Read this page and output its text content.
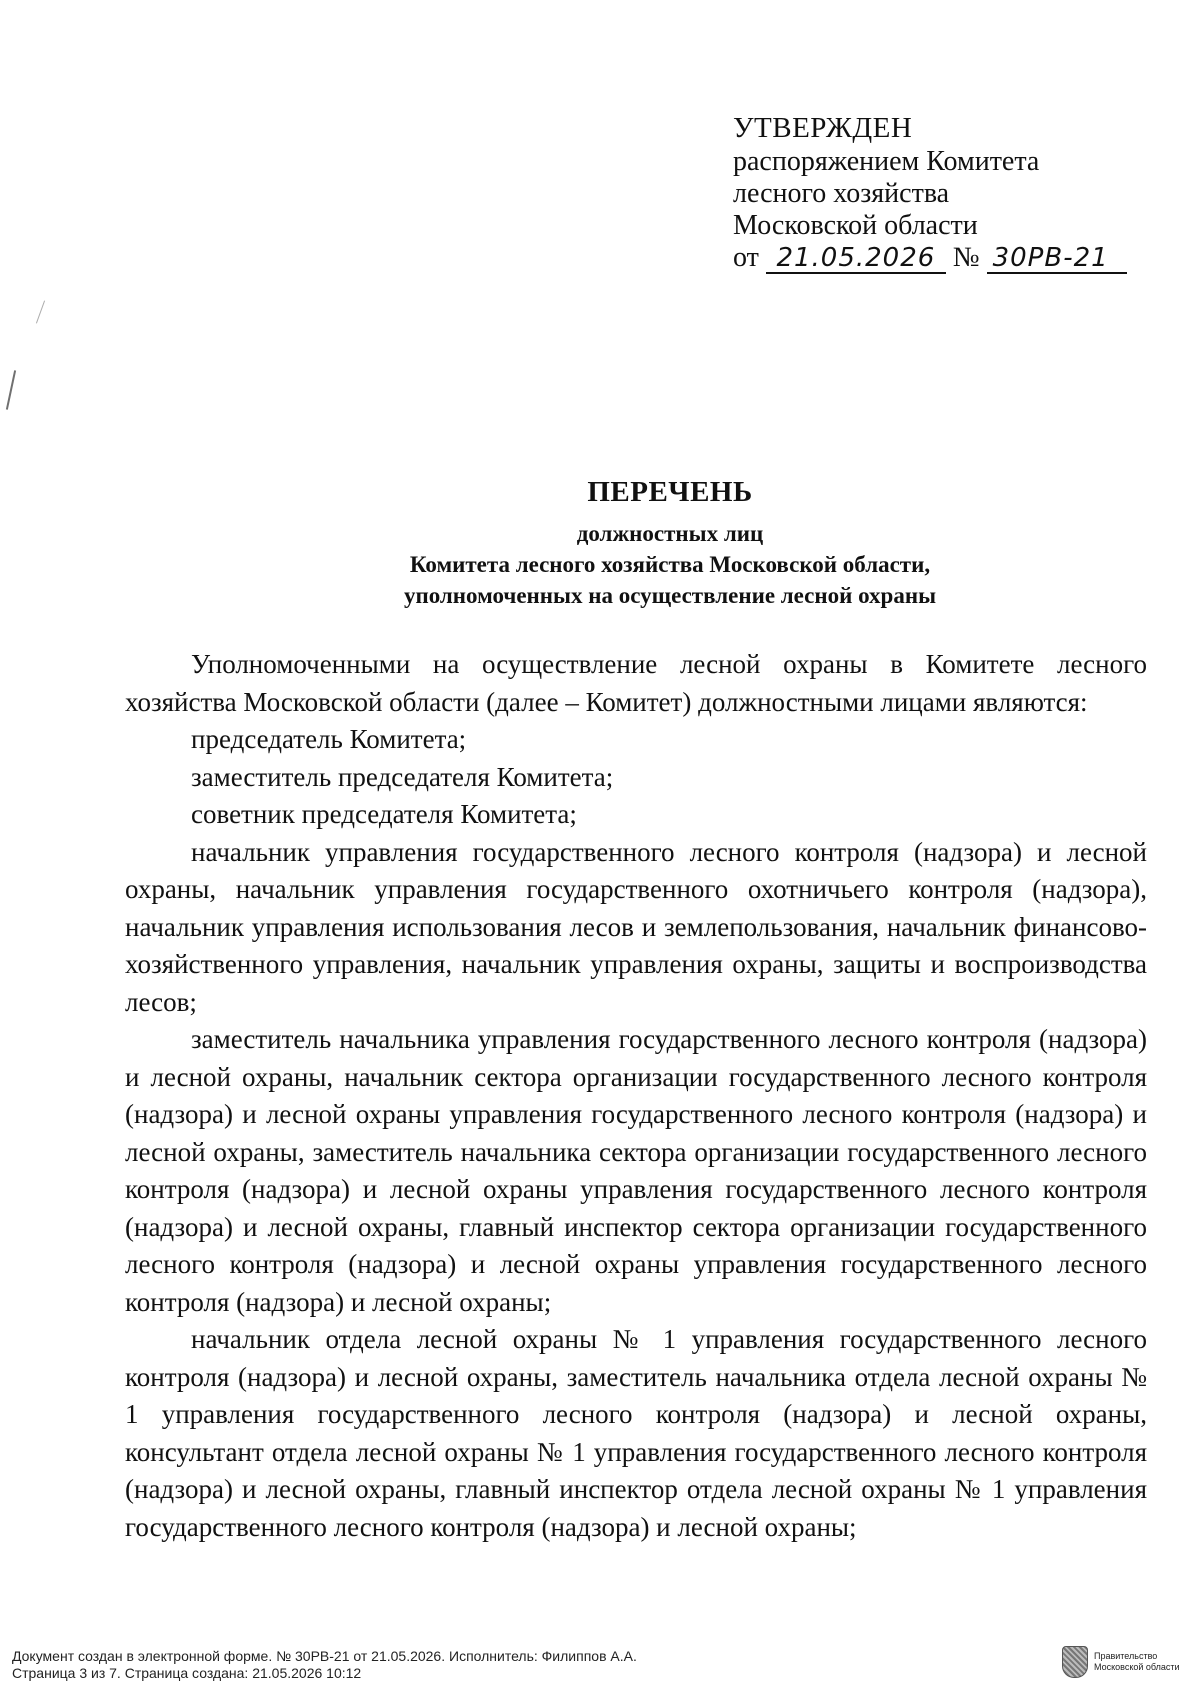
УТВЕРЖДЕН
распоряжением Комитета
лесного хозяйства
Московской области
от 21.05.2026 № 30РВ-21
ПЕРЕЧЕНЬ
должностных лиц
Комитета лесного хозяйства Московской области,
уполномоченных на осуществление лесной охраны

Уполномоченными на осуществление лесной охраны в Комитете лесного хозяйства Московской области (далее – Комитет) должностными лицами являются:

председатель Комитета;

заместитель председателя Комитета;

советник председателя Комитета;

начальник управления государственного лесного контроля (надзора) и лесной охраны, начальник управления государственного охотничьего контроля (надзора), начальник управления использования лесов и землепользования, начальник финансово-хозяйственного управления, начальник управления охраны, защиты и воспроизводства лесов;

заместитель начальника управления государственного лесного контроля (надзора) и лесной охраны, начальник сектора организации государственного лесного контроля (надзора) и лесной охраны управления государственного лесного контроля (надзора) и лесной охраны, заместитель начальника сектора организации государственного лесного контроля (надзора) и лесной охраны управления государственного лесного контроля (надзора) и лесной охраны, главный инспектор сектора организации государственного лесного контроля (надзора) и лесной охраны управления государственного лесного контроля (надзора) и лесной охраны;

начальник отдела лесной охраны № 1 управления государственного лесного контроля (надзора) и лесной охраны, заместитель начальника отдела лесной охраны № 1 управления государственного лесного контроля (надзора) и лесной охраны, консультант отдела лесной охраны № 1 управления государственного лесного контроля (надзора) и лесной охраны, главный инспектор отдела лесной охраны № 1 управления государственного лесного контроля (надзора) и лесной охраны;

Документ создан в электронной форме. № 30РВ-21 от 21.05.2026. Исполнитель: Филиппов А.А.
Страница 3 из 7. Страница создана: 21.05.2026 10:12
Правительство
Московской области
